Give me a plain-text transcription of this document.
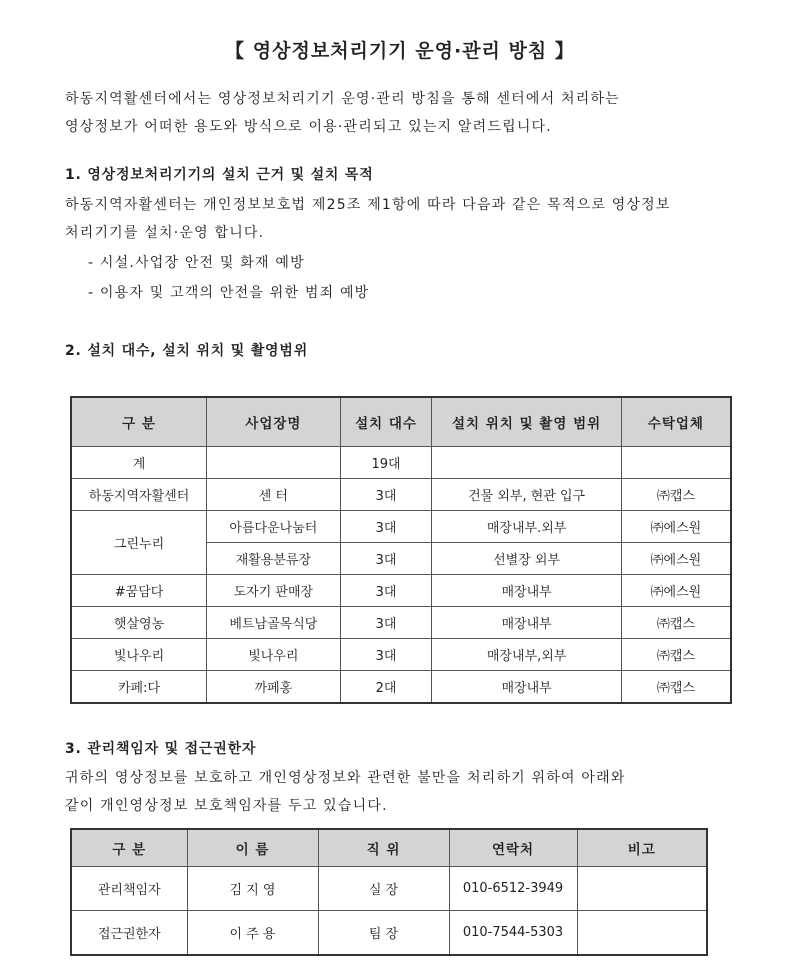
【 영상정보처리기기 운영·관리 방침 】

하동지역활센터에서는 영상정보처리기기 운영·관리 방침을 통해 센터에서 처리하는
영상정보가 어떠한 용도와 방식으로 이용·관리되고 있는지 알려드립니다.

1. 영상정보처리기기의 설치 근거 및 설치 목적

하동지역자활센터는 개인정보보호법 제25조 제1항에 따라 다음과 같은 목적으로 영상정보
처리기기를 설치·운영 합니다.

- 시설.사업장 안전 및 화재 예방
- 이용자 및 고객의 안전을 위한 범죄 예방
2. 설치 대수, 설치 위치 및 촬영범위
구 분	사업장명	설치 대수	설치 위치 및 촬영 범위	수탁업체
계		19대		
하동지역자활센터	센 터	3대	건물 외부, 현관 입구	㈜캡스
그린누리	아름다운나눔터	3대	매장내부.외부	㈜에스원
	재활용분류장	3대	선별장 외부	㈜에스원
#꿈담다	도자기 판매장	3대	매장내부	㈜에스원
햇살영농	베트남골목식당	3대	매장내부	㈜캡스
빛나우리	빛나우리	3대	매장내부,외부	㈜캡스
카페:다	까페홍	2대	매장내부	㈜캡스
3. 관리책임자 및 접근권한자

귀하의 영상정보를 보호하고 개인영상정보와 관련한 불만을 처리하기 위하여 아래와
같이 개인영상정보 보호책임자를 두고 있습니다.

구 분	이 름	직 위	연락처	비고
관리책임자	김 지 영	실 장	010-6512-3949	
접근권한자	이 주 용	팀 장	010-7544-5303	
